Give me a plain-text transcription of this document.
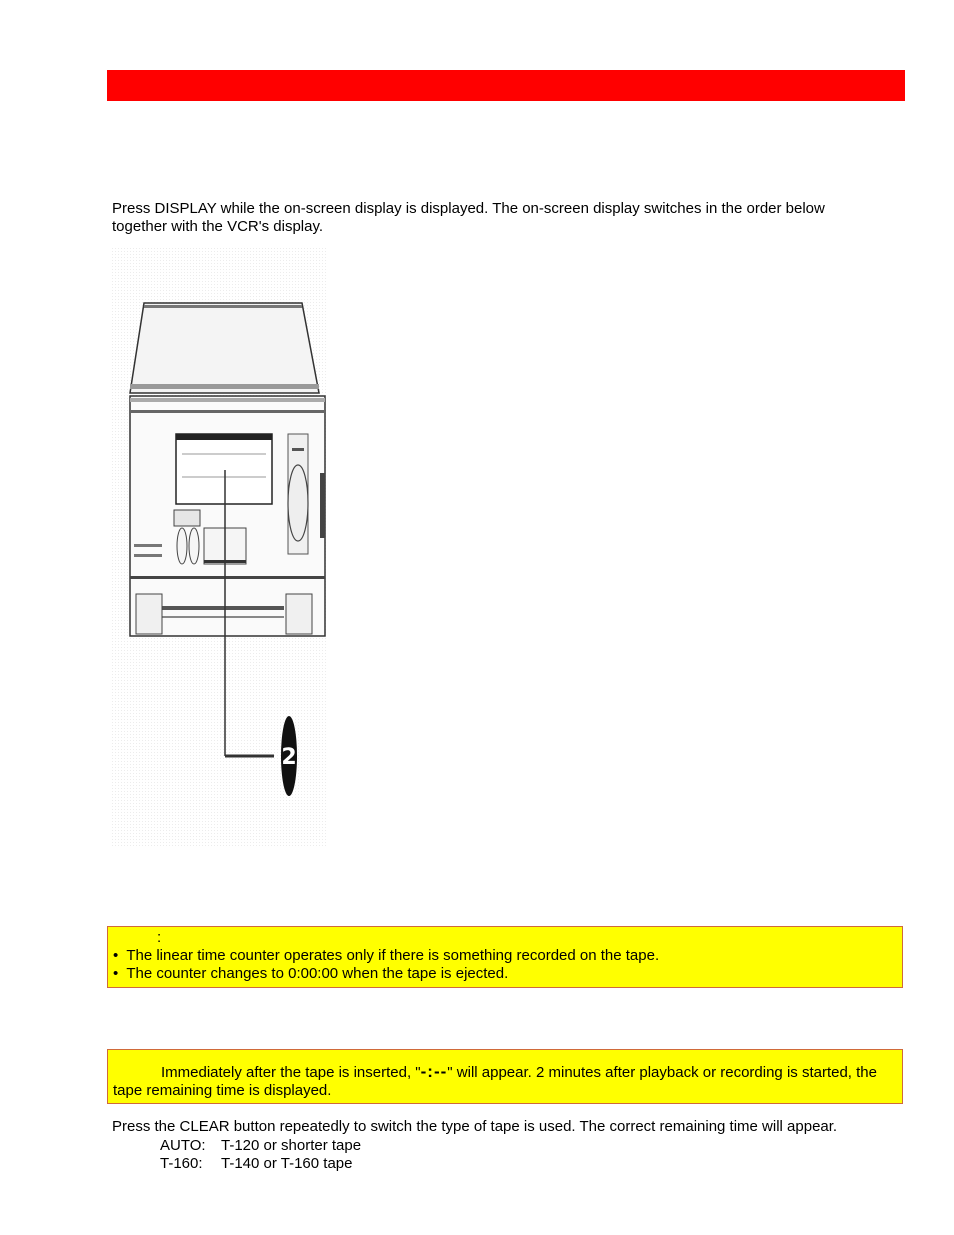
Press DISPLAY while the on-screen display is displayed. The on-screen display switches in the order below together with the VCR's display.
2
:
•  The linear time counter operates only if there is something recorded on the tape.
•  The counter changes to 0:00:00 when the tape is ejected.
Immediately after the tape is inserted, "-:--" will appear. 2 minutes after playback or recording is started, the tape remaining time is displayed.
Press the CLEAR button repeatedly to switch the type of tape is used. The correct remaining time will appear.
AUTO: T-120 or shorter tape
T-160: T-140 or T-160 tape
